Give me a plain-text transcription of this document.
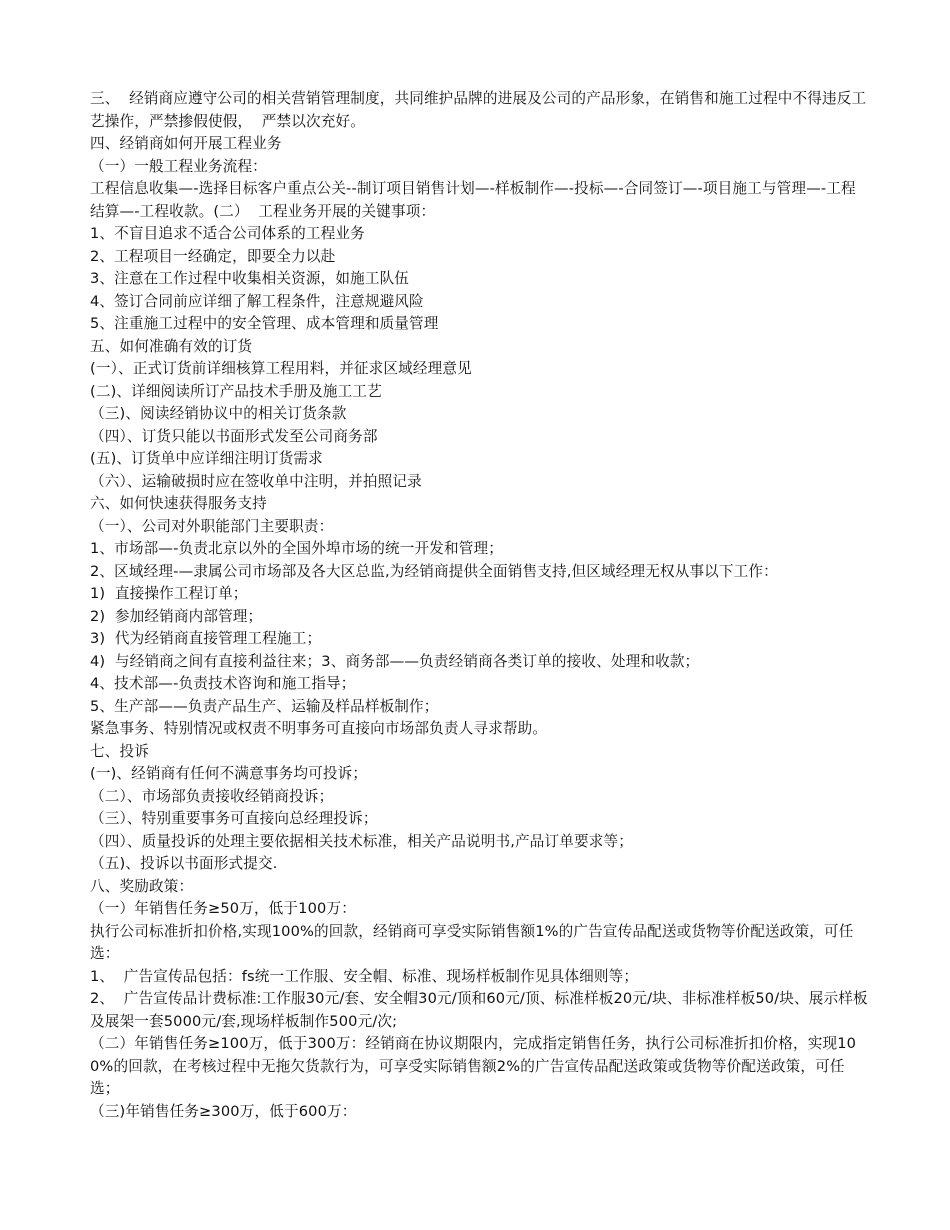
三、  经销商应遵守公司的相关营销管理制度，共同维护品牌的进展及公司的产品形象，在销售和施工过程中不得违反工艺操作，严禁掺假使假，  严禁以次充好。
四、经销商如何开展工程业务
（一）一般工程业务流程：
工程信息收集—-选择目标客户重点公关--制订项目销售计划—-样板制作—-投标—-合同签订—-项目施工与管理—-工程结算—-工程收款。(二）  工程业务开展的关键事项：
1、不盲目追求不适合公司体系的工程业务
2、工程项目一经确定，即要全力以赴
3、注意在工作过程中收集相关资源，如施工队伍
4、签订合同前应详细了解工程条件，注意规避风险
5、注重施工过程中的安全管理、成本管理和质量管理
五、如何准确有效的订货
(一）、正式订货前详细核算工程用料，并征求区域经理意见
(二)、详细阅读所订产品技术手册及施工工艺
（三)、阅读经销协议中的相关订货条款
（四）、订货只能以书面形式发至公司商务部
(五)、订货单中应详细注明订货需求
（六）、运输破损时应在签收单中注明，并拍照记录
六、如何快速获得服务支持
（一）、公司对外职能部门主要职责：
1、市场部—-负责北京以外的全国外埠市场的统一开发和管理；
2、区域经理-—隶属公司市场部及各大区总监,为经销商提供全面销售支持,但区域经理无权从事以下工作：
1)  直接操作工程订单；
2)  参加经销商内部管理；
3)  代为经销商直接管理工程施工；
4)  与经销商之间有直接利益往来；3、商务部——负责经销商各类订单的接收、处理和收款；
4、技术部—-负责技术咨询和施工指导；
5、生产部——负责产品生产、运输及样品样板制作；
紧急事务、特别情况或权责不明事务可直接向市场部负责人寻求帮助。
七、投诉
(一)、经销商有任何不满意事务均可投诉；
（二）、市场部负责接收经销商投诉；
（三）、特别重要事务可直接向总经理投诉；
（四）、质量投诉的处理主要依据相关技术标准，相关产品说明书,产品订单要求等；
（五)、投诉以书面形式提交.
八、奖励政策：
（一）年销售任务≥50万，低于100万：
执行公司标准折扣价格,实现100%的回款，经销商可享受实际销售额1%的广告宣传品配送或货物等价配送政策，可任选：
1、  广告宣传品包括：fs统一工作服、安全帽、标准、现场样板制作见具体细则等；
2、  广告宣传品计费标准:工作服30元/套、安全帽30元/顶和60元/顶、标准样板20元/块、非标准样板50/块、展示样板及展架一套5000元/套,现场样板制作500元/次;
（二）年销售任务≥100万，低于300万：经销商在协议期限内，完成指定销售任务，执行公司标准折扣价格，实现100%的回款，在考核过程中无拖欠货款行为，可享受实际销售额2%的广告宣传品配送政策或货物等价配送政策，可任选；
（三)年销售任务≥300万，低于600万：
